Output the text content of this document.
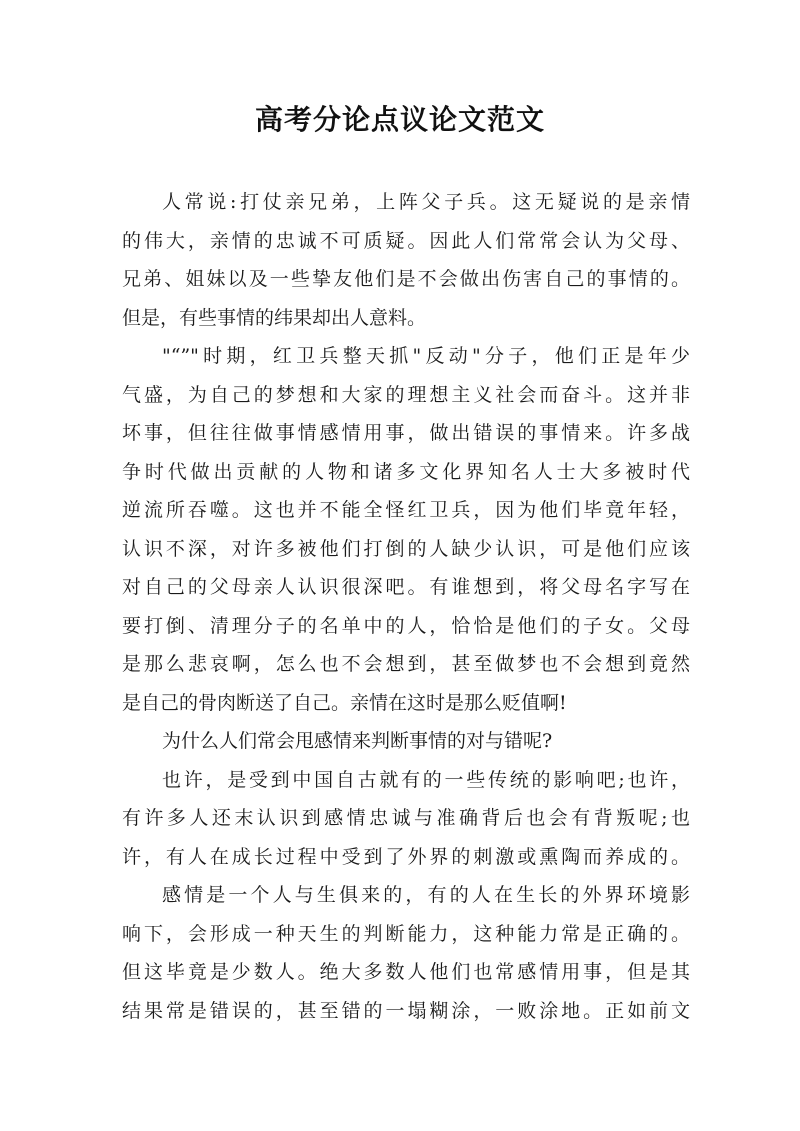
高考分论点议论文范文
人常说:打仗亲兄弟，上阵父子兵。这无疑说的是亲情
的伟大，亲情的忠诚不可质疑。因此人们常常会认为父母、
兄弟、姐妹以及一些挚友他们是不会做出伤害自己的事情的。
但是，有些事情的纬果却出人意料。
"“”"时期，红卫兵整天抓"反动"分子，他们正是年少
气盛，为自己的梦想和大家的理想主义社会而奋斗。这并非
坏事，但往往做事情感情用事，做出错误的事情来。许多战
争时代做出贡献的人物和诸多文化界知名人士大多被时代
逆流所吞噬。这也并不能全怪红卫兵，因为他们毕竟年轻，
认识不深，对许多被他们打倒的人缺少认识，可是他们应该
对自己的父母亲人认识很深吧。有谁想到，将父母名字写在
要打倒、清理分子的名单中的人，恰恰是他们的子女。父母
是那么悲哀啊，怎么也不会想到，甚至做梦也不会想到竟然
是自己的骨肉断送了自己。亲情在这时是那么贬值啊!
为什么人们常会甩感情来判断事情的对与错呢?
也许，是受到中国自古就有的一些传统的影响吧;也许，
有许多人还末认识到感情忠诚与准确背后也会有背叛呢;也
许，有人在成长过程中受到了外界的刺激或熏陶而养成的。
感情是一个人与生俱来的，有的人在生长的外界环境影
响下，会形成一种天生的判断能力，这种能力常是正确的。
但这毕竟是少数人。绝大多数人他们也常感情用事，但是其
结果常是错误的，甚至错的一塌糊涂，一败涂地。正如前文
